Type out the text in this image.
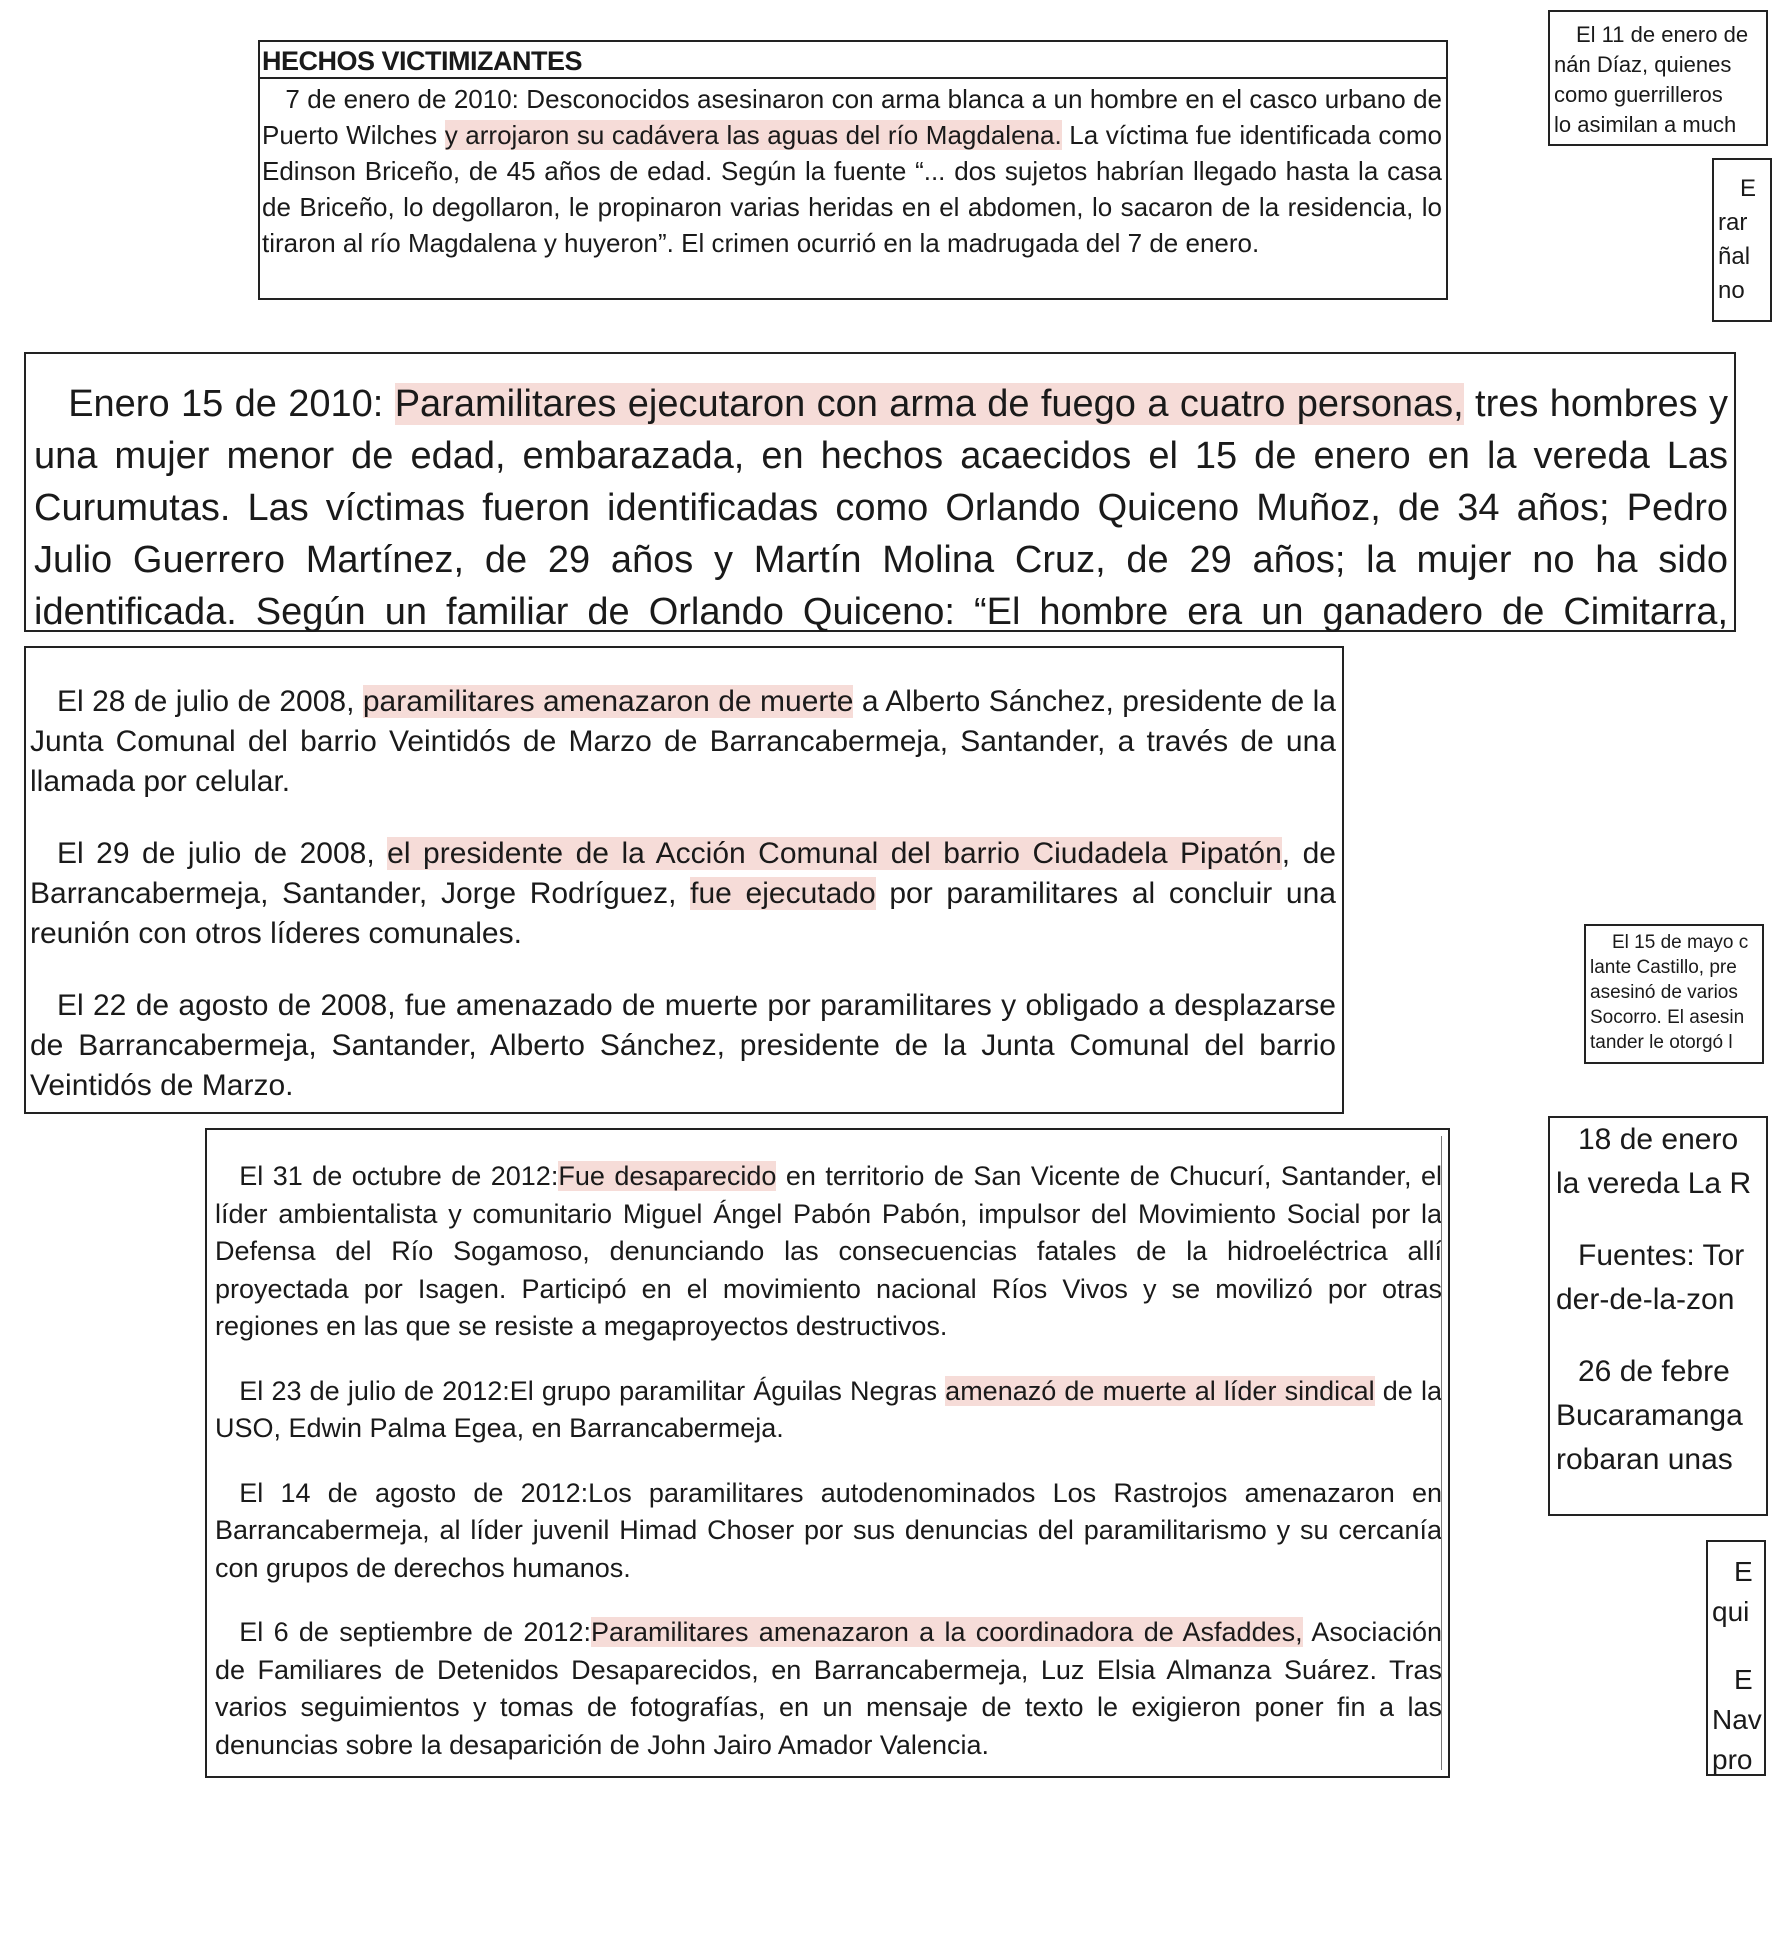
HECHOS VICTIMIZANTES

7 de enero de 2010: Desconocidos asesinaron con arma blanca a un hombre en el casco urbano de Puerto Wilches y arrojaron su cadávera las aguas del río Magdalena. La víctima fue identificada como Edinson Briceño, de 45 años de edad. Según la fuente “... dos sujetos habrían llegado hasta la casa de Briceño, lo degollaron, le propinaron varias heridas en el abdomen, lo sacaron de la residencia, lo tiraron al río Magdalena y huyeron”. El crimen ocurrió en la madrugada del 7 de enero.

Enero 15 de 2010: Paramilitares ejecutaron con arma de fuego a cuatro personas, tres hombres y una mujer menor de edad, embarazada, en hechos acaecidos el 15 de enero en la vereda Las Curumutas. Las víctimas fueron identificadas como Orlando Quiceno Muñoz, de 34 años; Pedro Julio Guerrero Martínez, de 29 años y Martín Molina Cruz, de 29 años; la mujer no ha sido identificada. Según un familiar de Orlando Quiceno: “El hombre era un ganadero de Cimitarra,

El 28 de julio de 2008, paramilitares amenazaron de muerte a Alberto Sánchez, presidente de la Junta Comunal del barrio Veintidós de Marzo de Barrancabermeja, Santander, a través de una llamada por celular.

El 29 de julio de 2008, el presidente de la Acción Comunal del barrio Ciudadela Pipatón, de Barrancabermeja, Santander, Jorge Rodríguez, fue ejecutado por paramilitares al concluir una reunión con otros líderes comunales.

El 22 de agosto de 2008, fue amenazado de muerte por paramilitares y obligado a desplazarse de Barrancabermeja, Santander, Alberto Sánchez, presidente de la Junta Comunal del barrio Veintidós de Marzo.

El 31 de octubre de 2012:Fue desaparecido en territorio de San Vicente de Chucurí, Santander, el líder ambientalista y comunitario Miguel Ángel Pabón Pabón, impulsor del Movimiento Social por la Defensa del Río Sogamoso, denunciando las consecuencias fatales de la hidroeléctrica allí proyectada por Isagen. Participó en el movimiento nacional Ríos Vivos y se movilizó por otras regiones en las que se resiste a megaproyectos destructivos.

El 23 de julio de 2012:El grupo paramilitar Águilas Negras amenazó de muerte al líder sindical de la USO, Edwin Palma Egea, en Barrancabermeja.

El 14 de agosto de 2012:Los paramilitares autodenominados Los Rastrojos amenazaron en Barrancabermeja, al líder juvenil Himad Choser por sus denuncias del paramilitarismo y su cercanía con grupos de derechos humanos.

El 6 de septiembre de 2012:Paramilitares amenazaron a la coordinadora de Asfaddes, Asociación de Familiares de Detenidos Desaparecidos, en Barrancabermeja, Luz Elsia Almanza Suárez. Tras varios seguimientos y tomas de fotografías, en un mensaje de texto le exigieron poner fin a las denuncias sobre la desaparición de John Jairo Amador Valencia.

El 11 de enero de
nán Díaz, quienes
como guerrilleros
lo asimilan a much
E
rar
ñal
no
El 15 de mayo c
lante Castillo, pre
asesinó de varios
Socorro. El asesin
tander le otorgó l
18 de enero
la vereda La R
Fuentes: Tor
der-de-la-zon
26 de febre
Bucaramanga
robaran unas
E
qui
E
Nav
pro
